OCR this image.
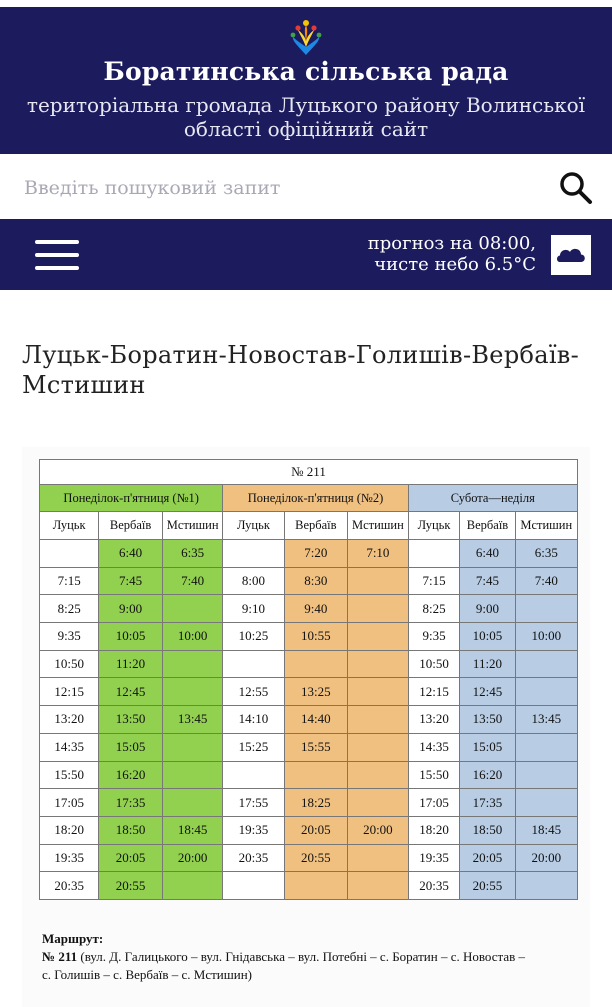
Боратинська сільська рада
територіальна громада Луцького району Волинської
області офіційний сайт
Введіть пошуковий запит
прогноз на 08:00,
чисте небо 6.5°C
Луцьк-Боратин-Новостав-Голишів-Вербаїв-Мстишин
№ 211								
Понеділок-п'ятниця (№1)			Понеділок-п'ятниця (№2)			Субота—неділя		
Луцьк	Вербаїв	Мстишин	Луцьк	Вербаїв	Мстишин	Луцьк	Вербаїв	Мстишин
	6:40	6:35		7:20	7:10		6:40	6:35
7:15	7:45	7:40	8:00	8:30		7:15	7:45	7:40
8:25	9:00		9:10	9:40		8:25	9:00	
9:35	10:05	10:00	10:25	10:55		9:35	10:05	10:00
10:50	11:20					10:50	11:20	
12:15	12:45		12:55	13:25		12:15	12:45	
13:20	13:50	13:45	14:10	14:40		13:20	13:50	13:45
14:35	15:05		15:25	15:55		14:35	15:05	
15:50	16:20					15:50	16:20	
17:05	17:35		17:55	18:25		17:05	17:35	
18:20	18:50	18:45	19:35	20:05	20:00	18:20	18:50	18:45
19:35	20:05	20:00	20:35	20:55		19:35	20:05	20:00
20:35	20:55					20:35	20:55	
Маршрут:
№ 211 (вул. Д. Галицького – вул. Гнідавська – вул. Потебні – с. Боратин – с. Новостав –
с. Голишів – с. Вербаїв – с. Мстишин)
